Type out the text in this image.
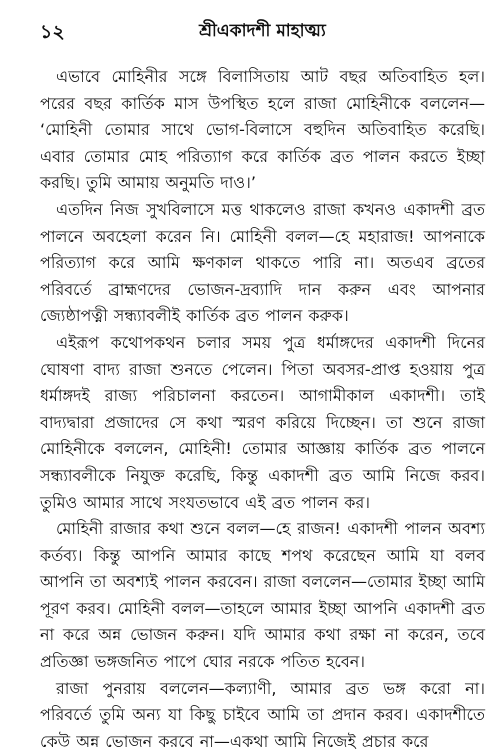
১২	শ্রীএকাদশী মাহাত্ম্য

এভাবে মোহিনীর সঙ্গে বিলাসিতায় আট বছর অতিবাহিত হল। পরের বছর কার্তিক মাস উপস্থিত হলে রাজা মোহিনীকে বললেন— ‘মোহিনী তোমার সাথে ভোগ-বিলাসে বহুদিন অতিবাহিত করেছি। এবার তোমার মোহ পরিত্যাগ করে কার্তিক ব্রত পালন করতে ইচ্ছা করছি। তুমি আমায় অনুমতি দাও।’

এতদিন নিজ সুখবিলাসে মত্ত থাকলেও রাজা কখনও একাদশী ব্রত পালনে অবহেলা করেন নি। মোহিনী বলল—হে মহারাজ! আপনাকে পরিত্যাগ করে আমি ক্ষণকাল থাকতে পারি না। অতএব ব্রতের পরিবর্তে ব্রাহ্মণদের ভোজন-দ্রব্যাদি দান করুন এবং আপনার জ্যেষ্ঠাপত্নী সন্ধ্যাবলীই কার্তিক ব্রত পালন করুক।

এইরূপ কথোপকথন চলার সময় পুত্র ধর্মাঙ্গদের একাদশী দিনের ঘোষণা বাদ্য রাজা শুনতে পেলেন। পিতা অবসর-প্রাপ্ত হওয়ায় পুত্র ধর্মাঙ্গদই রাজ্য পরিচালনা করতেন। আগামীকাল একাদশী। তাই বাদ্যদ্বারা প্রজাদের সে কথা স্মরণ করিয়ে দিচ্ছেন। তা শুনে রাজা মোহিনীকে বললেন, মোহিনী! তোমার আজ্ঞায় কার্তিক ব্রত পালনে সন্ধ্যাবলীকে নিযুক্ত করেছি, কিন্তু একাদশী ব্রত আমি নিজে করব। তুমিও আমার সাথে সংযতভাবে এই ব্রত পালন কর।

মোহিনী রাজার কথা শুনে বলল—হে রাজন! একাদশী পালন অবশ্য কর্তব্য। কিন্তু আপনি আমার কাছে শপথ করেছেন আমি যা বলব আপনি তা অবশ্যই পালন করবেন। রাজা বললেন—তোমার ইচ্ছা আমি পূরণ করব। মোহিনী বলল—তাহলে আমার ইচ্ছা আপনি একাদশী ব্রত না করে অন্ন ভোজন করুন। যদি আমার কথা রক্ষা না করেন, তবে প্রতিজ্ঞা ভঙ্গজনিত পাপে ঘোর নরকে পতিত হবেন।

রাজা পুনরায় বললেন—কল্যাণী, আমার ব্রত ভঙ্গ করো না। পরিবর্তে তুমি অন্য যা কিছু চাইবে আমি তা প্রদান করব। একাদশীতে কেউ অন্ন ভোজন করবে না—একথা আমি নিজেই প্রচার করে
